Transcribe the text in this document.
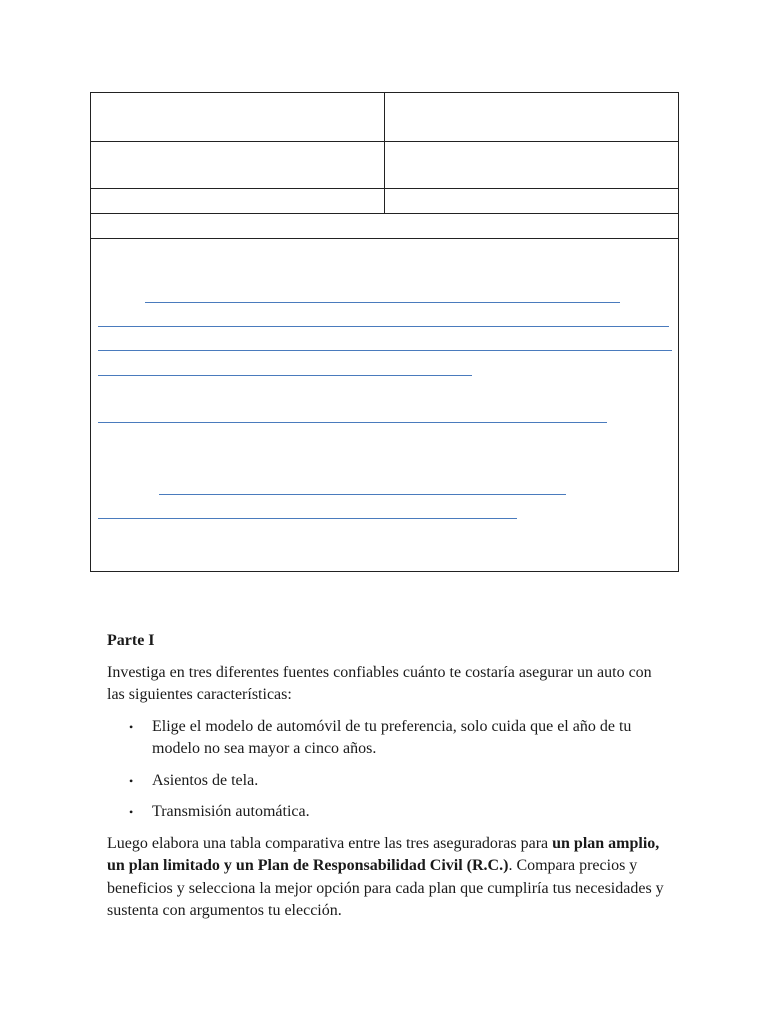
Parte I

Investiga en tres diferentes fuentes confiables cuánto te costaría asegurar un auto con las siguientes características:

• Elige el modelo de automóvil de tu preferencia, solo cuida que el año de tu modelo no sea mayor a cinco años.
• Asientos de tela.
• Transmisión automática.

Luego elabora una tabla comparativa entre las tres aseguradoras para un plan amplio, un plan limitado y un Plan de Responsabilidad Civil (R.C.). Compara precios y beneficios y selecciona la mejor opción para cada plan que cumpliría tus necesidades y sustenta con argumentos tu elección.
